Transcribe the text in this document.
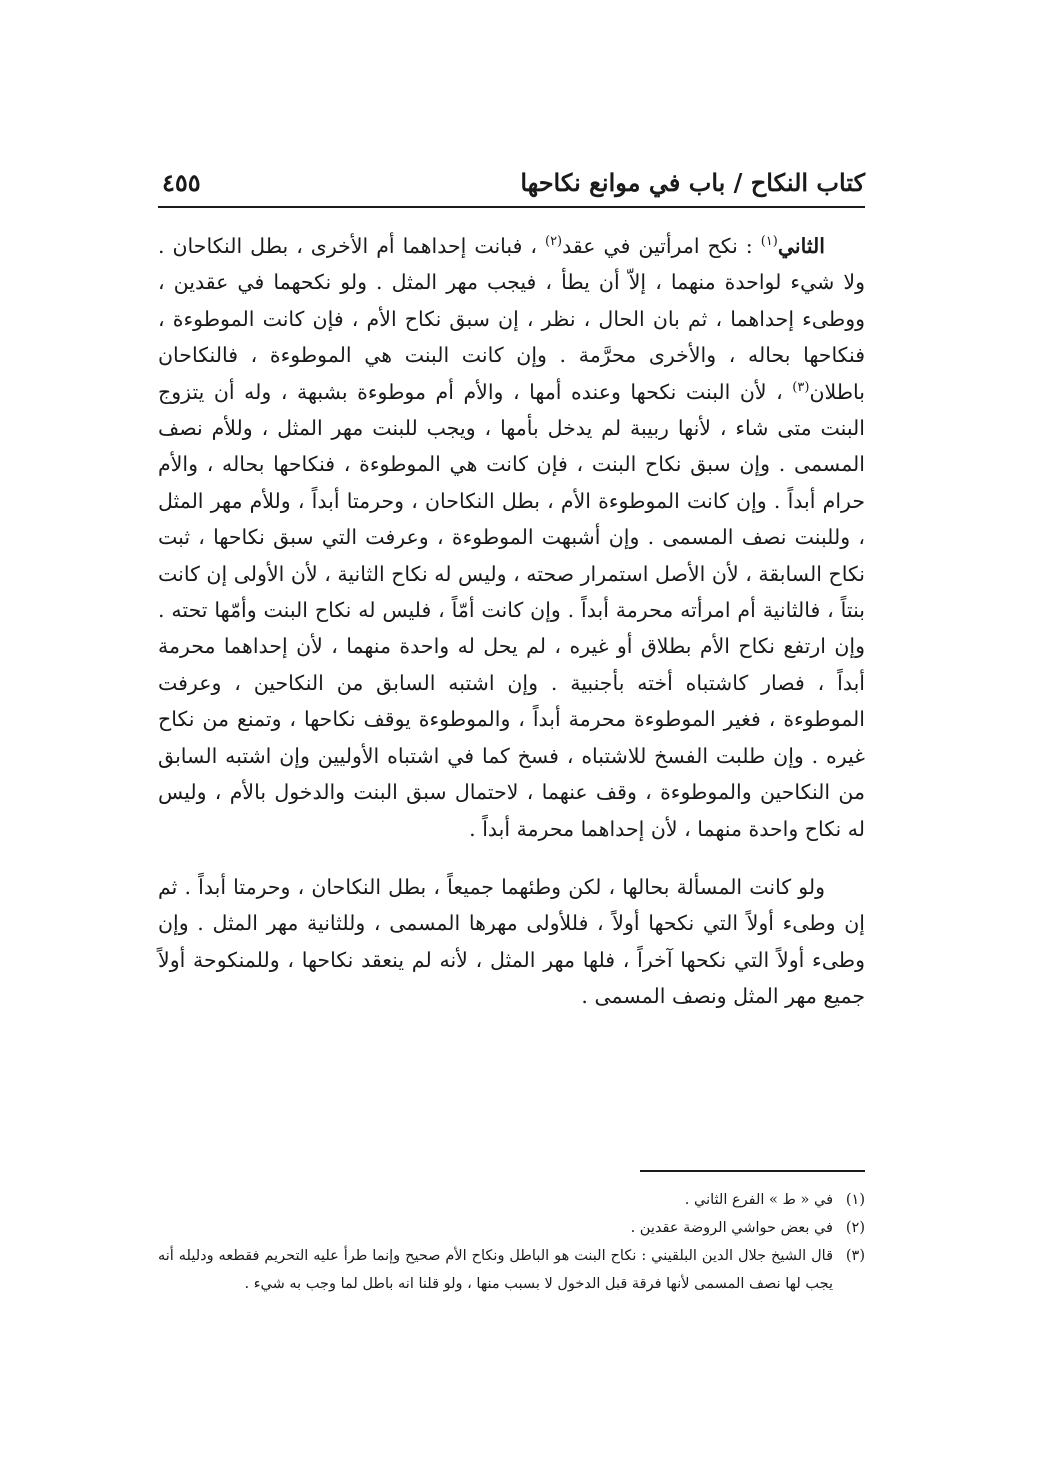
كتاب النكاح / باب في موانع نكاحها
٤٥٥

الثاني$^{(١)}$ : نكح امرأتين في عقد$^{(٢)}$ ، فبانت إحداهما أم الأخرى ، بطل النكاحان . ولا شيء لواحدة منهما ، إلاّ أن يطأ ، فيجب مهر المثل . ولو نكحهما في عقدين ، ووطىء إحداهما ، ثم بان الحال ، نظر ، إن سبق نكاح الأم ، فإن كانت الموطوءة ، فنكاحها بحاله ، والأخرى محرَّمة . وإن كانت البنت هي الموطوءة ، فالنكاحان باطلان$^{(٣)}$ ، لأن البنت نكحها وعنده أمها ، والأم أم موطوءة بشبهة ، وله أن يتزوج البنت متى شاء ، لأنها ربيبة لم يدخل بأمها ، ويجب للبنت مهر المثل ، وللأم نصف المسمى . وإن سبق نكاح البنت ، فإن كانت هي الموطوءة ، فنكاحها بحاله ، والأم حرام أبداً . وإن كانت الموطوءة الأم ، بطل النكاحان ، وحرمتا أبداً ، وللأم مهر المثل ، وللبنت نصف المسمى . وإن أشبهت الموطوءة ، وعرفت التي سبق نكاحها ، ثبت نكاح السابقة ، لأن الأصل استمرار صحته ، وليس له نكاح الثانية ، لأن الأولى إن كانت بنتاً ، فالثانية أم امرأته محرمة أبداً . وإن كانت أمّاً ، فليس له نكاح البنت وأمّها تحته . وإن ارتفع نكاح الأم بطلاق أو غيره ، لم يحل له واحدة منهما ، لأن إحداهما محرمة أبداً ، فصار كاشتباه أخته بأجنبية . وإن اشتبه السابق من النكاحين ، وعرفت الموطوءة ، فغير الموطوءة محرمة أبداً ، والموطوءة يوقف نكاحها ، وتمنع من نكاح غيره . وإن طلبت الفسخ للاشتباه ، فسخ كما في اشتباه الأوليين وإن اشتبه السابق من النكاحين والموطوءة ، وقف عنهما ، لاحتمال سبق البنت والدخول بالأم ، وليس له نكاح واحدة منهما ، لأن إحداهما محرمة أبداً .

ولو كانت المسألة بحالها ، لكن وطئهما جميعاً ، بطل النكاحان ، وحرمتا أبداً . ثم إن وطىء أولاً التي نكحها أولاً ، فللأولى مهرها المسمى ، وللثانية مهر المثل . وإن وطىء أولاً التي نكحها آخراً ، فلها مهر المثل ، لأنه لم ينعقد نكاحها ، وللمنكوحة أولاً جميع مهر المثل ونصف المسمى .

(١)
في « ط » الفرع الثاني .
(٢)
في بعض حواشي الروضة عقدين .
(٣)
قال الشيخ جلال الدين البلقيني : نكاح البنت هو الباطل ونكاح الأم صحيح وإنما طرأ عليه التحريم فقطعه ودليله أنه يجب لها نصف المسمى لأنها فرقة قبل الدخول لا بسبب منها ، ولو قلنا انه باطل لما وجب به شيء .
